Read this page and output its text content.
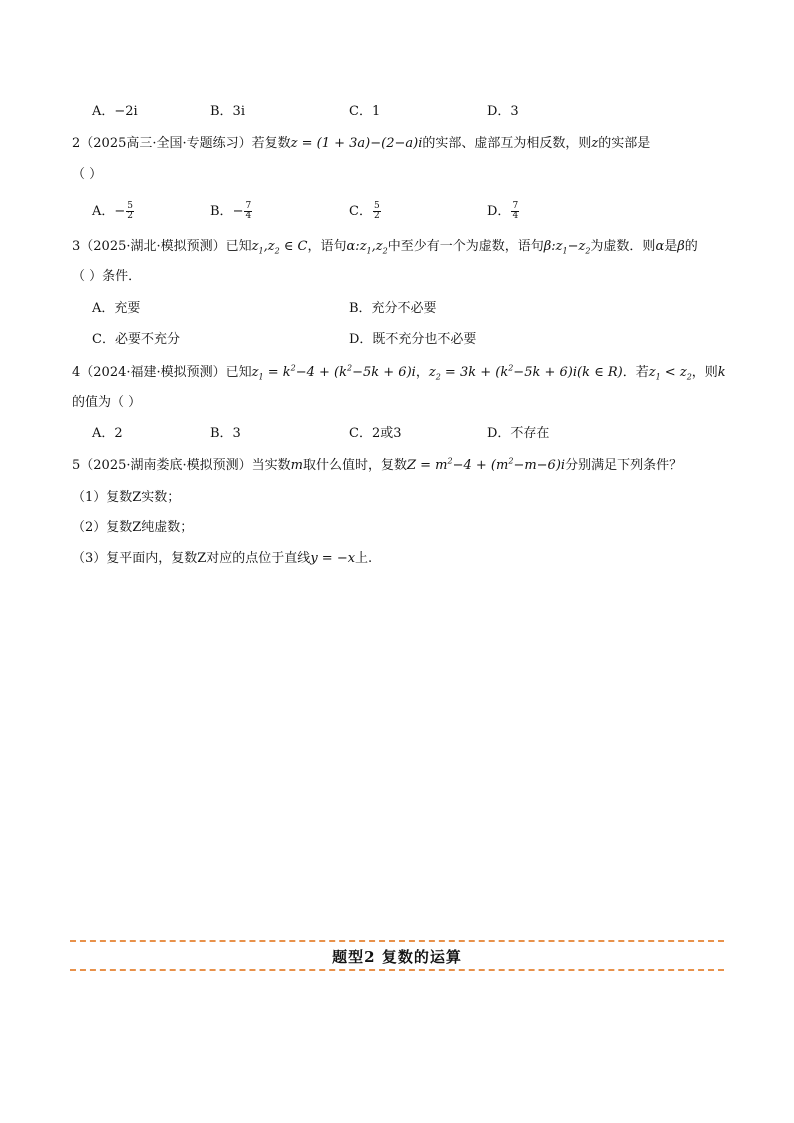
A．−2i	B．3i	C．1	D．3
2（2025高三·全国·专题练习）若复数z = (1 + 3a)−(2−a)i的实部、虚部互为相反数，则z的实部是
（ ）
A．− $\frac{5}{2}$	B．− $\frac{7}{4}$	C． $\frac{5}{2}$	D． $\frac{7}{4}$
3（2025·湖北·模拟预测）已知$z_1,z_2$ ∈ C，语句$\alpha:z_1,z_2$中至少有一个为虚数，语句$\beta:z_1-z_2$为虚数．则α是β的
（ ）条件．
A．充要	B．充分不必要
C．必要不充分	D．既不充分也不必要
4（2024·福建·模拟预测）已知$z_1 = k^2-4 + (k^2-5k + 6)i$，$z_2 = 3k + (k^2-5k + 6)i(k$ ∈ R)．若$z_1 < z_2$，则k
的值为（ ）
A．2	B．3	C．2或3	D．不存在
5（2025·湖南娄底·模拟预测）当实数m取什么值时，复数$Z = m^2-4 + (m^2-m-6)i$分别满足下列条件？
（1）复数Z实数；
（2）复数Z纯虚数；
（3）复平面内，复数Z对应的点位于直线y = −x上.
题型2 复数的运算
